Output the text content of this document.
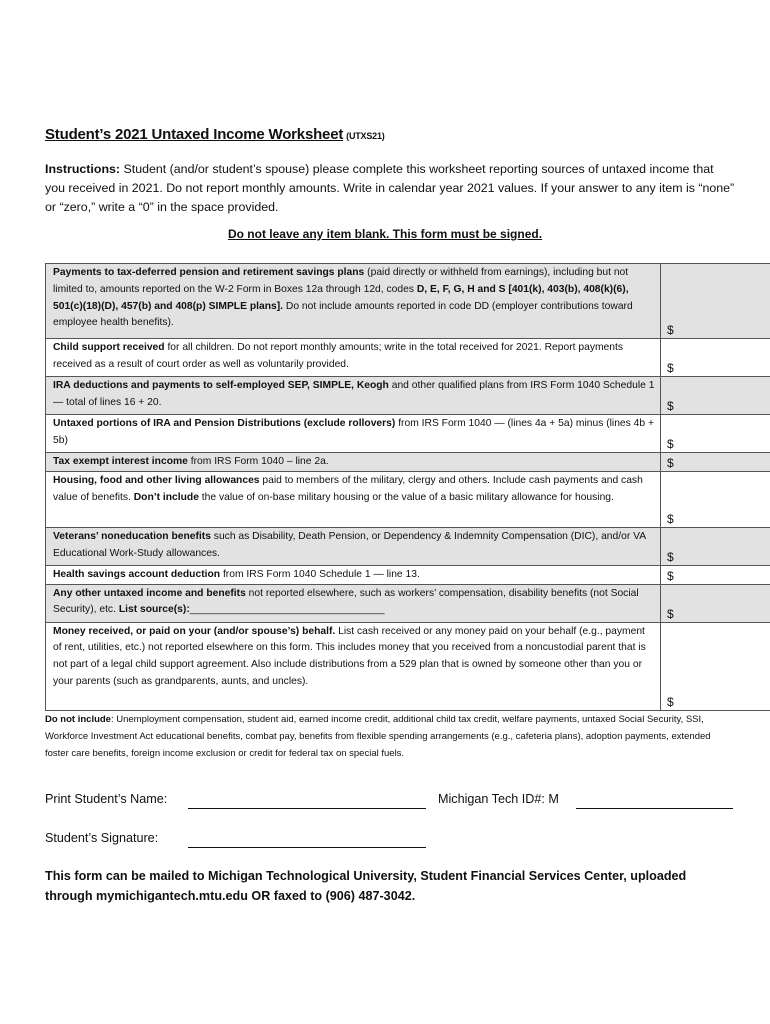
Student’s 2021 Untaxed Income Worksheet (UTXS21)
Instructions: Student (and/or student’s spouse) please complete this worksheet reporting sources of untaxed income that you received in 2021. Do not report monthly amounts. Write in calendar year 2021 values. If your answer to any item is “none” or “zero,” write a “0” in the space provided.
Do not leave any item blank. This form must be signed.
Payments to tax-deferred pension and retirement savings plans (paid directly or withheld from earnings), including but not limited to, amounts reported on the W-2 Form in Boxes 12a through 12d, codes D, E, F, G, H and S [401(k), 403(b), 408(k)(6), 501(c)(18)(D), 457(b) and 408(p) SIMPLE plans]. Do not include amounts reported in code DD (employer contributions toward employee health benefits).	$
Child support received for all children. Do not report monthly amounts; write in the total received for 2021. Report payments received as a result of court order as well as voluntarily provided.	$
IRA deductions and payments to self-employed SEP, SIMPLE, Keogh and other qualified plans from IRS Form 1040 Schedule 1 — total of lines 16 + 20.	$
Untaxed portions of IRA and Pension Distributions (exclude rollovers) from IRS Form 1040 — (lines 4a + 5a) minus (lines 4b + 5b)	$
Tax exempt interest income from IRS Form 1040 – line 2a.	$
Housing, food and other living allowances paid to members of the military, clergy and others. Include cash payments and cash value of benefits. Don’t include the value of on-base military housing or the value of a basic military allowance for housing.	$
Veterans’ noneducation benefits such as Disability, Death Pension, or Dependency & Indemnity Compensation (DIC), and/or VA Educational Work-Study allowances.	$
Health savings account deduction from IRS Form 1040 Schedule 1 — line 13.	$
Any other untaxed income and benefits not reported elsewhere, such as workers’ compensation, disability benefits (not Social Security), etc. List source(s):__________________________________	$
Money received, or paid on your (and/or spouse’s) behalf. List cash received or any money paid on your behalf (e.g., payment of rent, utilities, etc.) not reported elsewhere on this form. This includes money that you received from a noncustodial parent that is not part of a legal child support agreement. Also include distributions from a 529 plan that is owned by someone other than you or your parents (such as grandparents, aunts, and uncles).	$
Do not include: Unemployment compensation, student aid, earned income credit, additional child tax credit, welfare payments, untaxed Social Security, SSI, Workforce Investment Act educational benefits, combat pay, benefits from flexible spending arrangements (e.g., cafeteria plans), adoption payments, extended foster care benefits, foreign income exclusion or credit for federal tax on special fuels.
Print Student’s Name:	Michigan Tech ID#: M
Student’s Signature:
This form can be mailed to Michigan Technological University, Student Financial Services Center, uploaded through mymichigantech.mtu.edu OR faxed to (906) 487-3042.
